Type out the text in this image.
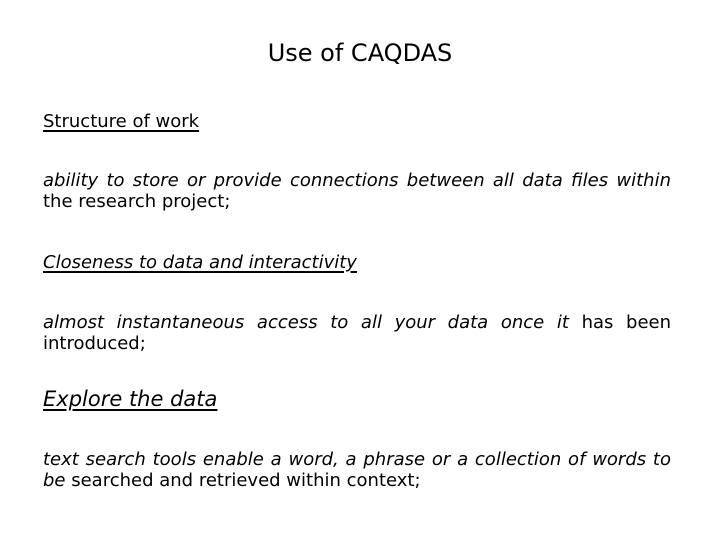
Use of CAQDAS

Structure of work

ability to store or provide connections between all data files within the research project;

Closeness to data and interactivity

almost instantaneous access to all your data once it has been introduced;

Explore the data

text search tools enable a word, a phrase or a collection of words to be searched and retrieved within context;
